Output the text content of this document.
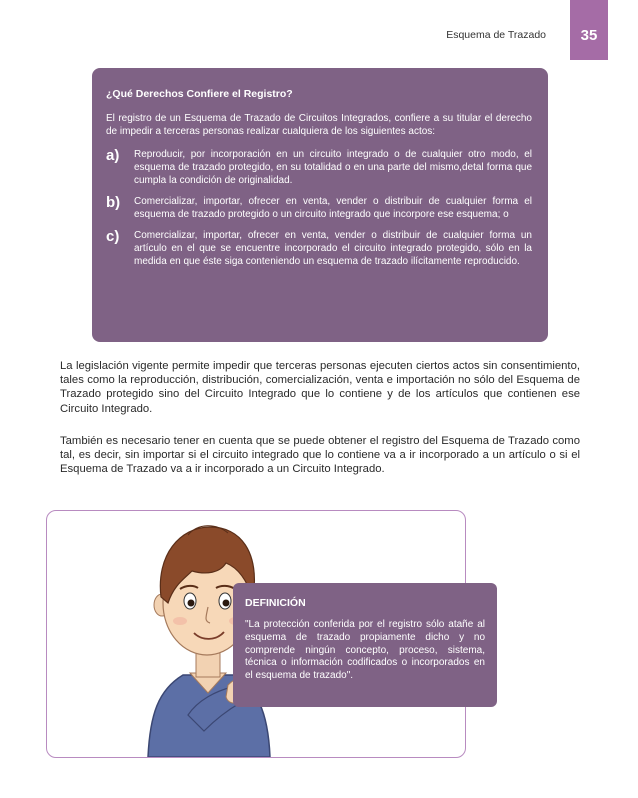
Esquema de Trazado	35
¿Qué Derechos Confiere el Registro?
El registro de un Esquema de Trazado de Circuitos Integrados, confiere a su titular el derecho de impedir a terceras personas realizar cualquiera de los siguientes actos:
a)	Reproducir, por incorporación en un circuito integrado o de cualquier otro modo, el esquema de trazado protegido, en su totalidad o en una parte del mismo,detal forma que cumpla la condición de originalidad.
b)	Comercializar, importar, ofrecer en venta, vender o distribuir de cualquier forma el esquema de trazado protegido o un circuito integrado que incorpore ese esquema; o
c)	Comercializar, importar, ofrecer en venta, vender o distribuir de cualquier forma un artículo en el que se encuentre incorporado el circuito integrado protegido, sólo en la medida en que éste siga conteniendo un esquema de trazado ilícitamente reproducido.

La legislación vigente permite impedir que terceras personas ejecuten ciertos actos sin consentimiento, tales como la reproducción, distribución, comercialización, venta e importación no sólo del Esquema de Trazado protegido sino del Circuito Integrado que lo contiene y de los artículos que contienen ese Circuito Integrado.

También es necesario tener en cuenta que se puede obtener el registro del Esquema de Trazado como tal, es decir, sin importar si el circuito integrado que lo contiene va a ir incorporado a un artículo o si el Esquema de Trazado va a ir incorporado a un Circuito Integrado.

DEFINICIÓN
"La protección conferida por el registro sólo atañe al esquema de trazado propiamente dicho y no comprende ningún concepto, proceso, sistema, técnica o información codificados o incorporados en el esquema de trazado".
